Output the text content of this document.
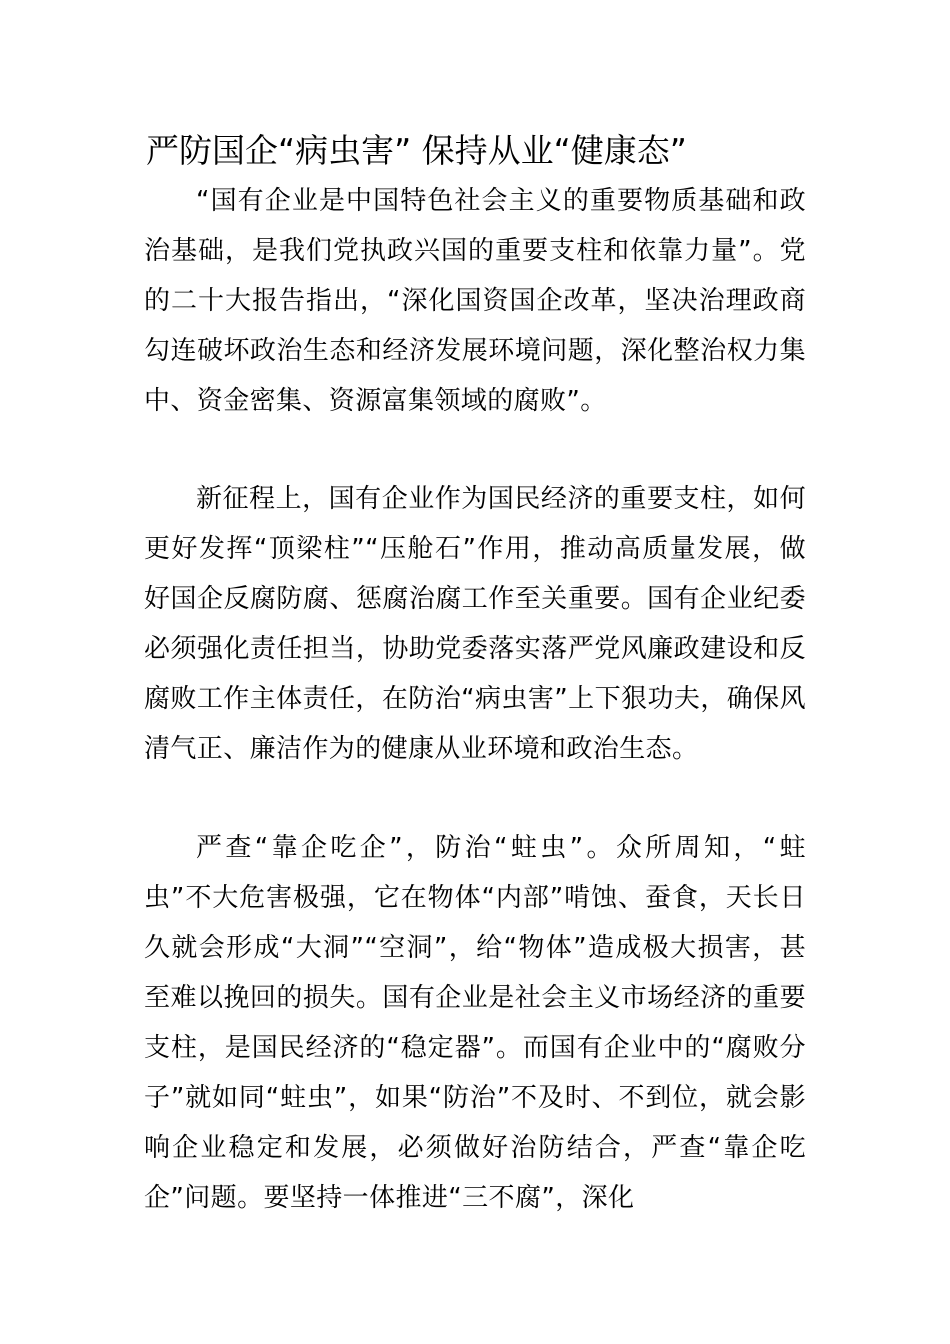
严防国企“病虫害” 保持从业“健康态”

“国有企业是中国特色社会主义的重要物质基础和政治基础，是我们党执政兴国的重要支柱和依靠力量”。党的二十大报告指出，“深化国资国企改革，坚决治理政商勾连破坏政治生态和经济发展环境问题，深化整治权力集中、资金密集、资源富集领域的腐败”。

新征程上，国有企业作为国民经济的重要支柱，如何更好发挥“顶梁柱”“压舱石”作用，推动高质量发展，做好国企反腐防腐、惩腐治腐工作至关重要。国有企业纪委必须强化责任担当，协助党委落实落严党风廉政建设和反腐败工作主体责任，在防治“病虫害”上下狠功夫，确保风清气正、廉洁作为的健康从业环境和政治生态。

严查“靠企吃企”，防治“蛀虫”。众所周知，“蛀虫”不大危害极强，它在物体“内部”啃蚀、蚕食，天长日久就会形成“大洞”“空洞”，给“物体”造成极大损害，甚至难以挽回的损失。国有企业是社会主义市场经济的重要支柱，是国民经济的“稳定器”。而国有企业中的“腐败分子”就如同“蛀虫”，如果“防治”不及时、不到位，就会影响企业稳定和发展，必须做好治防结合，严查“靠企吃企”问题。要坚持一体推进“三不腐”，深化
